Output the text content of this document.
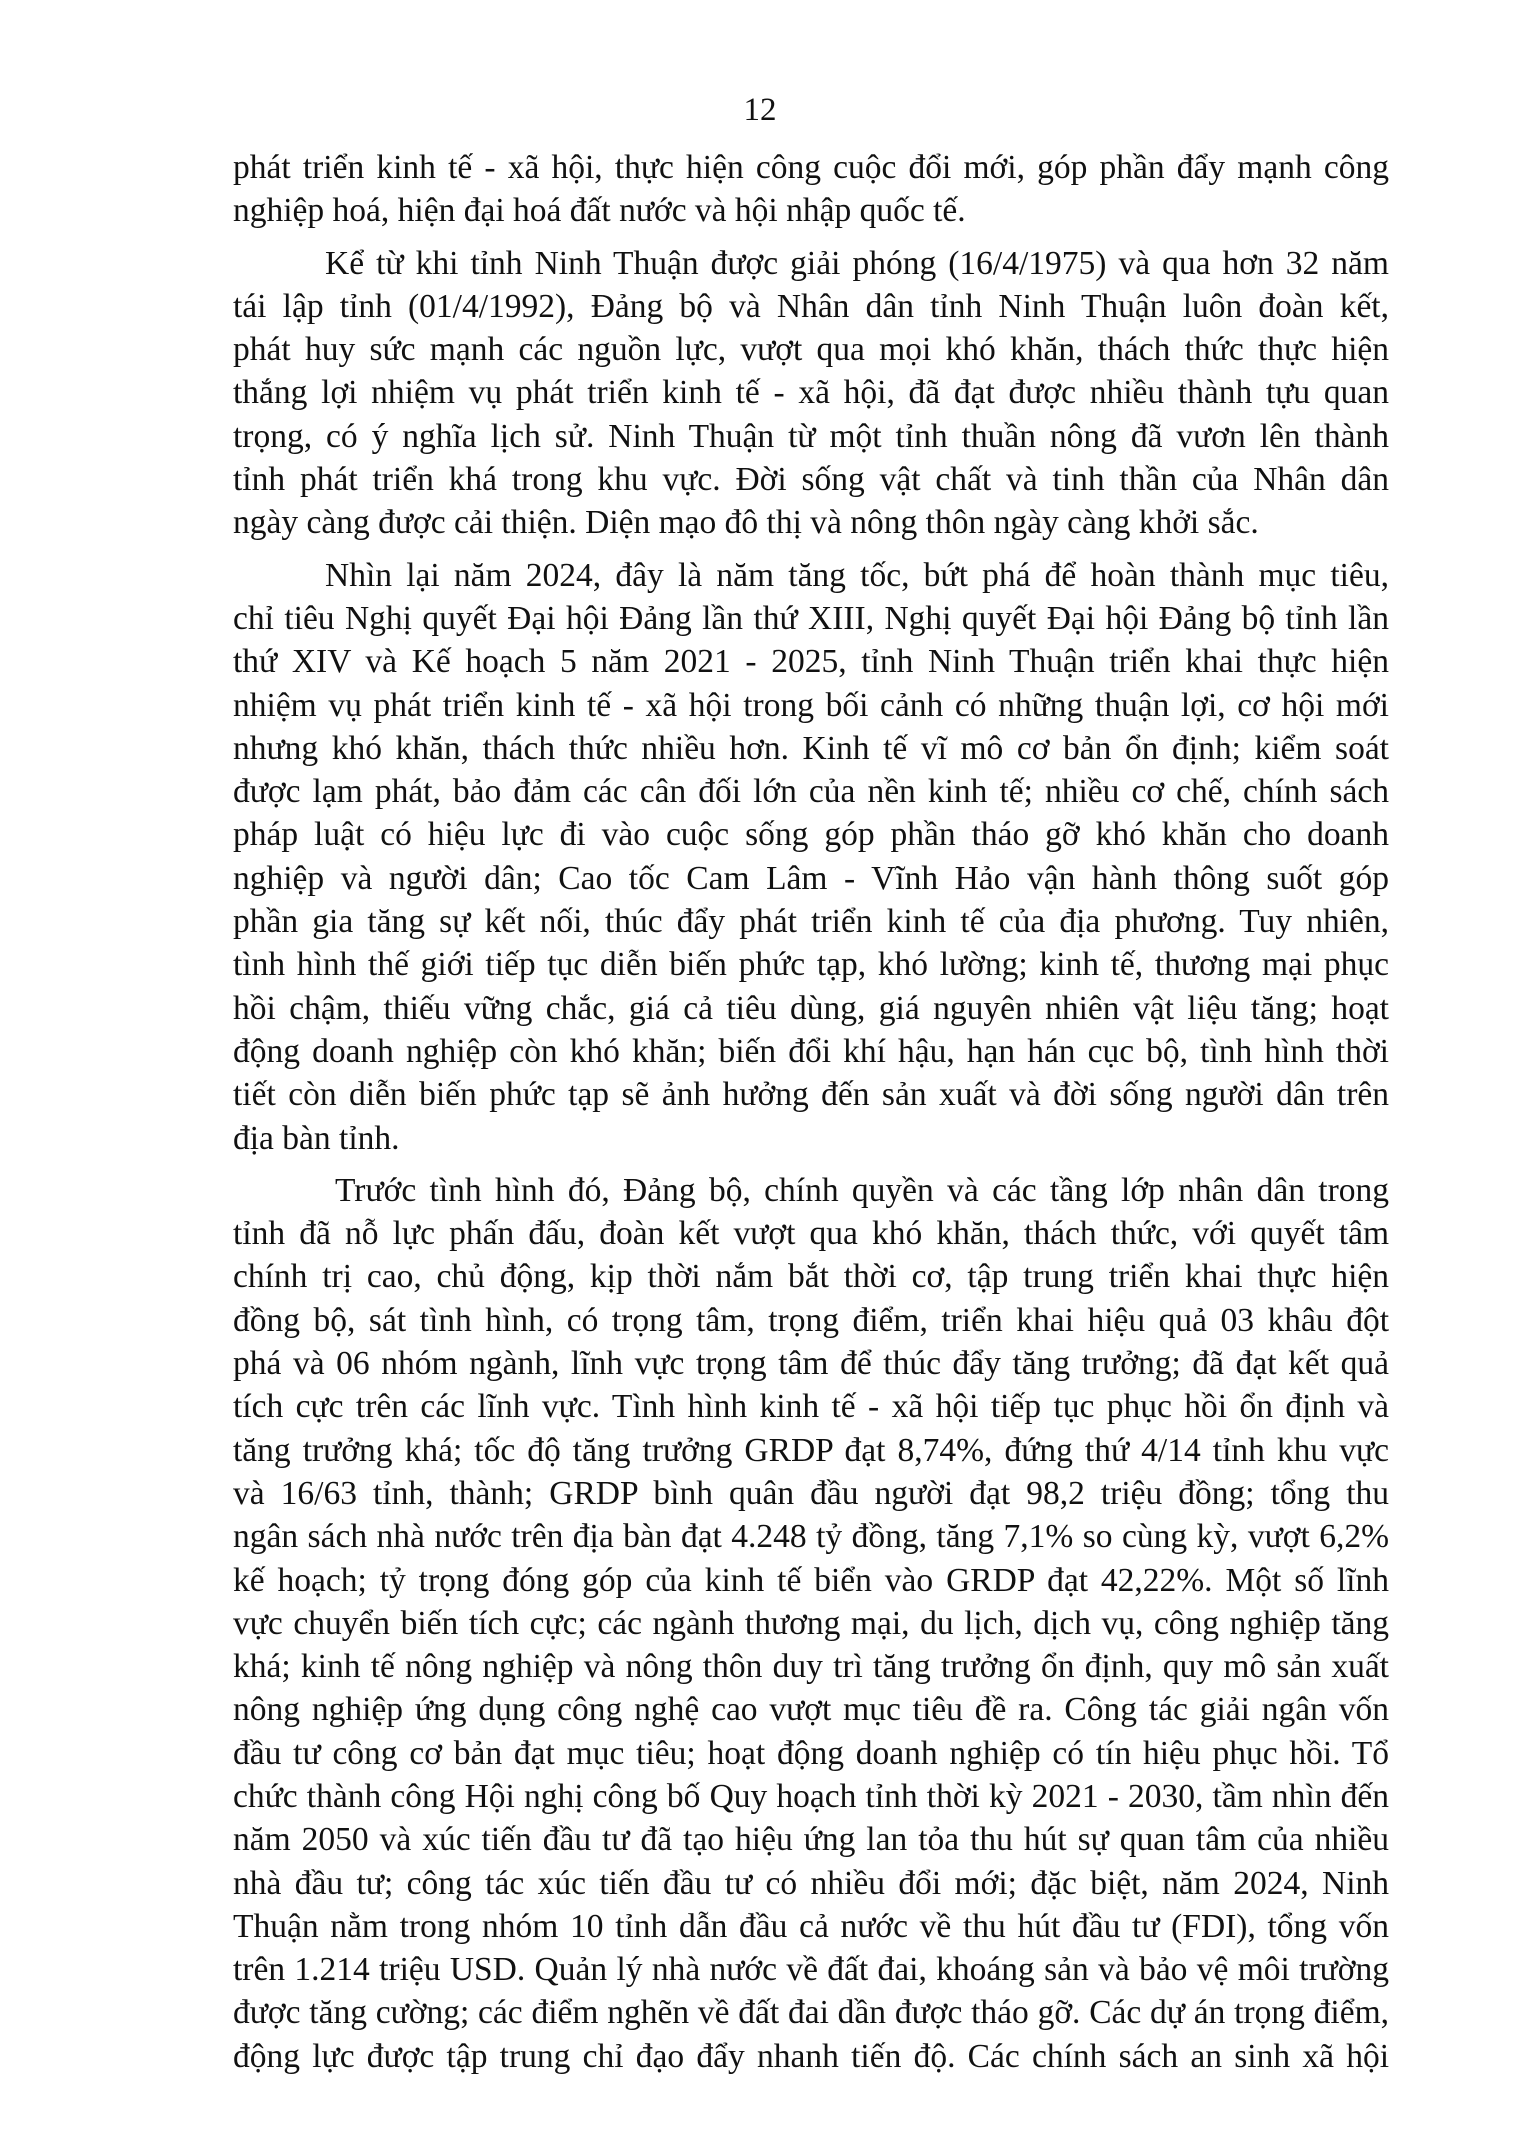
12

phát triển kinh tế - xã hội, thực hiện công cuộc đổi mới, góp phần đẩy mạnh công
nghiệp hoá, hiện đại hoá đất nước và hội nhập quốc tế.

Kể từ khi tỉnh Ninh Thuận được giải phóng (16/4/1975) và qua hơn 32 năm
tái lập tỉnh (01/4/1992), Đảng bộ và Nhân dân tỉnh Ninh Thuận luôn đoàn kết,
phát huy sức mạnh các nguồn lực, vượt qua mọi khó khăn, thách thức thực hiện
thắng lợi nhiệm vụ phát triển kinh tế - xã hội, đã đạt được nhiều thành tựu quan
trọng, có ý nghĩa lịch sử. Ninh Thuận từ một tỉnh thuần nông đã vươn lên thành
tỉnh phát triển khá trong khu vực. Đời sống vật chất và tinh thần của Nhân dân
ngày càng được cải thiện. Diện mạo đô thị và nông thôn ngày càng khởi sắc.

Nhìn lại năm 2024, đây là năm tăng tốc, bứt phá để hoàn thành mục tiêu,
chỉ tiêu Nghị quyết Đại hội Đảng lần thứ XIII, Nghị quyết Đại hội Đảng bộ tỉnh lần
thứ XIV và Kế hoạch 5 năm 2021 - 2025, tỉnh Ninh Thuận triển khai thực hiện
nhiệm vụ phát triển kinh tế - xã hội trong bối cảnh có những thuận lợi, cơ hội mới
nhưng khó khăn, thách thức nhiều hơn. Kinh tế vĩ mô cơ bản ổn định; kiểm soát
được lạm phát, bảo đảm các cân đối lớn của nền kinh tế; nhiều cơ chế, chính sách
pháp luật có hiệu lực đi vào cuộc sống góp phần tháo gỡ khó khăn cho doanh
nghiệp và người dân; Cao tốc Cam Lâm - Vĩnh Hảo vận hành thông suốt góp
phần gia tăng sự kết nối, thúc đẩy phát triển kinh tế của địa phương. Tuy nhiên,
tình hình thế giới tiếp tục diễn biến phức tạp, khó lường; kinh tế, thương mại phục
hồi chậm, thiếu vững chắc, giá cả tiêu dùng, giá nguyên nhiên vật liệu tăng; hoạt
động doanh nghiệp còn khó khăn; biến đổi khí hậu, hạn hán cục bộ, tình hình thời
tiết còn diễn biến phức tạp sẽ ảnh hưởng đến sản xuất và đời sống người dân trên
địa bàn tỉnh.

Trước tình hình đó, Đảng bộ, chính quyền và các tầng lớp nhân dân trong
tỉnh đã nỗ lực phấn đấu, đoàn kết vượt qua khó khăn, thách thức, với quyết tâm
chính trị cao, chủ động, kịp thời nắm bắt thời cơ, tập trung triển khai thực hiện
đồng bộ, sát tình hình, có trọng tâm, trọng điểm, triển khai hiệu quả 03 khâu đột
phá và 06 nhóm ngành, lĩnh vực trọng tâm để thúc đẩy tăng trưởng; đã đạt kết quả
tích cực trên các lĩnh vực. Tình hình kinh tế - xã hội tiếp tục phục hồi ổn định và
tăng trưởng khá; tốc độ tăng trưởng GRDP đạt 8,74%, đứng thứ 4/14 tỉnh khu vực
và 16/63 tỉnh, thành; GRDP bình quân đầu người đạt 98,2 triệu đồng; tổng thu
ngân sách nhà nước trên địa bàn đạt 4.248 tỷ đồng, tăng 7,1% so cùng kỳ, vượt 6,2%
kế hoạch; tỷ trọng đóng góp của kinh tế biển vào GRDP đạt 42,22%. Một số lĩnh
vực chuyển biến tích cực; các ngành thương mại, du lịch, dịch vụ, công nghiệp tăng
khá; kinh tế nông nghiệp và nông thôn duy trì tăng trưởng ổn định, quy mô sản xuất
nông nghiệp ứng dụng công nghệ cao vượt mục tiêu đề ra. Công tác giải ngân vốn
đầu tư công cơ bản đạt mục tiêu; hoạt động doanh nghiệp có tín hiệu phục hồi. Tổ
chức thành công Hội nghị công bố Quy hoạch tỉnh thời kỳ 2021 - 2030, tầm nhìn đến
năm 2050 và xúc tiến đầu tư đã tạo hiệu ứng lan tỏa thu hút sự quan tâm của nhiều
nhà đầu tư; công tác xúc tiến đầu tư có nhiều đổi mới; đặc biệt, năm 2024, Ninh
Thuận nằm trong nhóm 10 tỉnh dẫn đầu cả nước về thu hút đầu tư (FDI), tổng vốn
trên 1.214 triệu USD. Quản lý nhà nước về đất đai, khoáng sản và bảo vệ môi trường
được tăng cường; các điểm nghẽn về đất đai dần được tháo gỡ. Các dự án trọng điểm,
động lực được tập trung chỉ đạo đẩy nhanh tiến độ. Các chính sách an sinh xã hội
